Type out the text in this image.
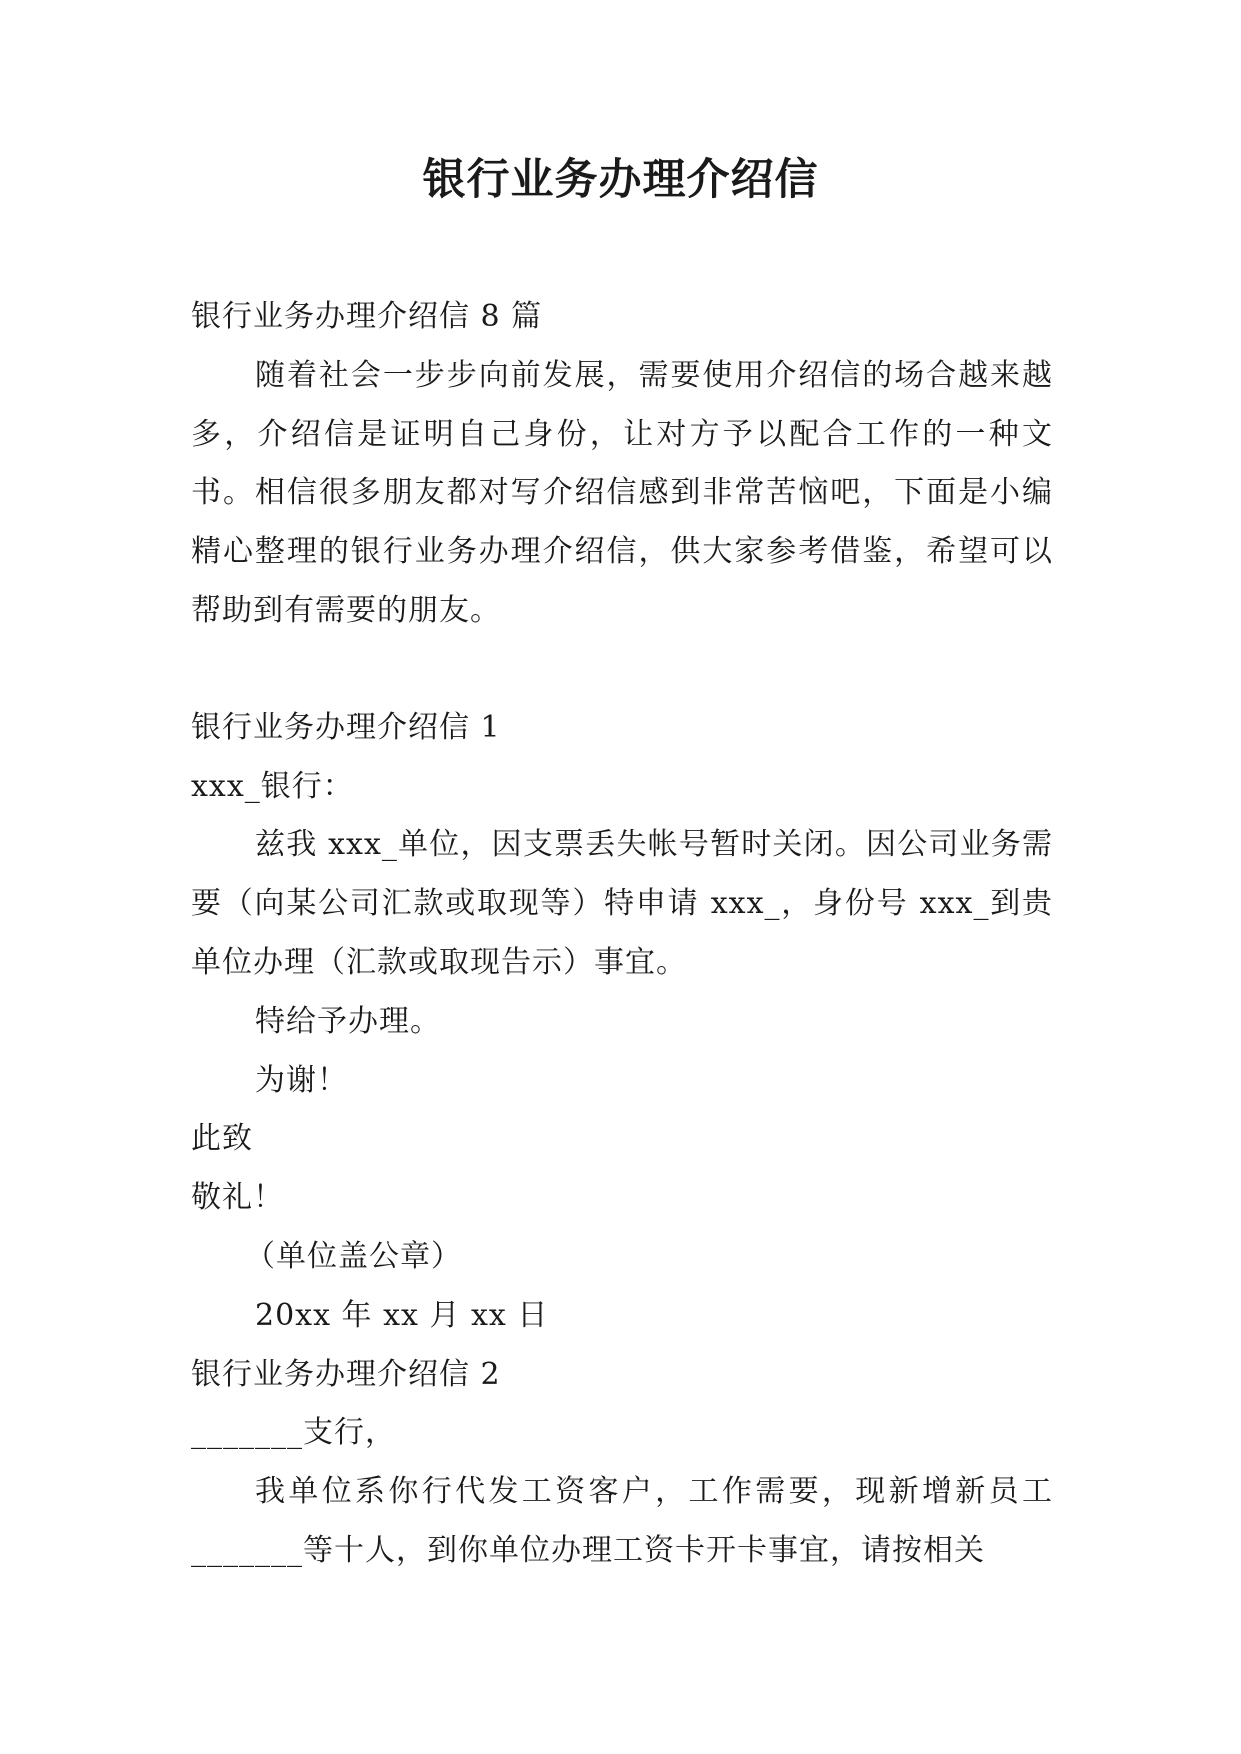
银行业务办理介绍信

银行业务办理介绍信 8 篇

随着社会一步步向前发展，需要使用介绍信的场合越来越多，介绍信是证明自己身份，让对方予以配合工作的一种文书。相信很多朋友都对写介绍信感到非常苦恼吧，下面是小编精心整理的银行业务办理介绍信，供大家参考借鉴，希望可以帮助到有需要的朋友。

银行业务办理介绍信 1

xxx_银行：

兹我 xxx_单位，因支票丢失帐号暂时关闭。因公司业务需要（向某公司汇款或取现等）特申请 xxx_，身份号 xxx_到贵单位办理（汇款或取现告示）事宜。

特给予办理。

为谢！

此致

敬礼！

（单位盖公章）

20xx 年 xx 月 xx 日

银行业务办理介绍信 2

_______支行，

我单位系你行代发工资客户，工作需要，现新增新员工_______等十人，到你单位办理工资卡开卡事宜，请按相关
